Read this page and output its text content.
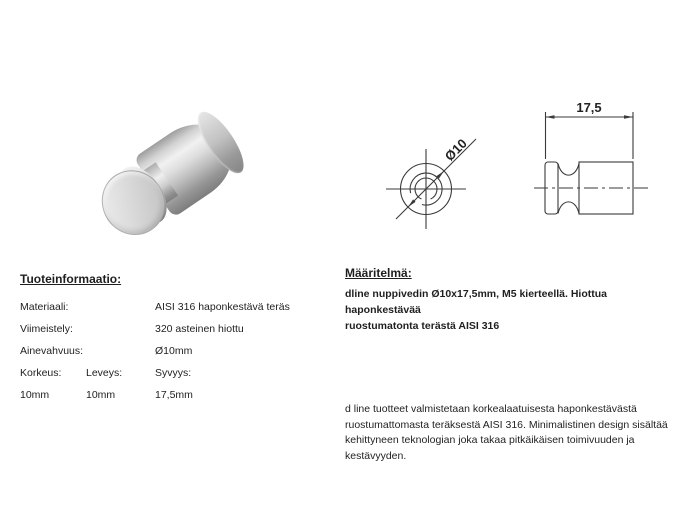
Ø10
17,5
Tuoteinformaatio:
Materiaali:	AISI 316 haponkestävä teräs
Viimeistely:	320 asteinen hiottu
Ainevahvuus:	Ø10mm
Korkeus:	Leveys:	Syvyys:
10mm	10mm	17,5mm
Määritelmä:
dline nuppivedin Ø10x17,5mm, M5 kierteellä. Hiottua haponkestävää
ruostumatonta terästä AISI 316
d line tuotteet valmistetaan korkealaatuisesta haponkestävästä
ruostumattomasta teräksestä AISI 316. Minimalistinen design sisältää
kehittyneen teknologian joka takaa pitkäikäisen toimivuuden ja kestävyyden.
